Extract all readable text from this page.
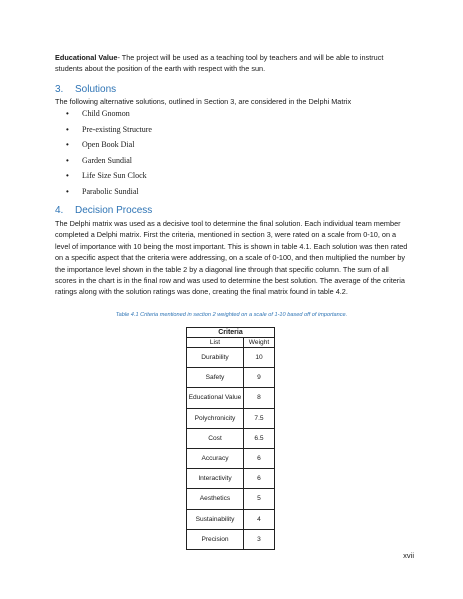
Educational Value- The project will be used as a teaching tool by teachers and will be able to instruct students about the position of the earth with respect with the sun.

3. Solutions

The following alternative solutions, outlined in Section 3, are considered in the Delphi Matrix

• Child Gnomon
• Pre-existing Structure
• Open Book Dial
• Garden Sundial
• Life Size Sun Clock
• Parabolic Sundial

4. Decision Process

The Delphi matrix was used as a decisive tool to determine the final solution. Each individual team member completed a Delphi matrix. First the criteria, mentioned in section 3, were rated on a scale from 0-10, on a level of importance with 10 being the most important. This is shown in table 4.1. Each solution was then rated on a specific aspect that the criteria were addressing, on a scale of 0-100, and then multiplied the number by the importance level shown in the table 2 by a diagonal line through that specific column. The sum of all scores in the chart is in the final row and was used to determine the best solution. The average of the criteria ratings along with the solution ratings was done, creating the final matrix found in table 4.2.

Table 4.1 Criteria mentioned in section 2 weighted on a scale of 1-10 based off of importance.

Criteria	
List	Weight
Durability	10
Safety	9
Educational Value	8
Polychronicity	7.5
Cost	6.5
Accuracy	6
Interactivity	6
Aesthetics	5
Sustainability	4
Precision	3
xvii
